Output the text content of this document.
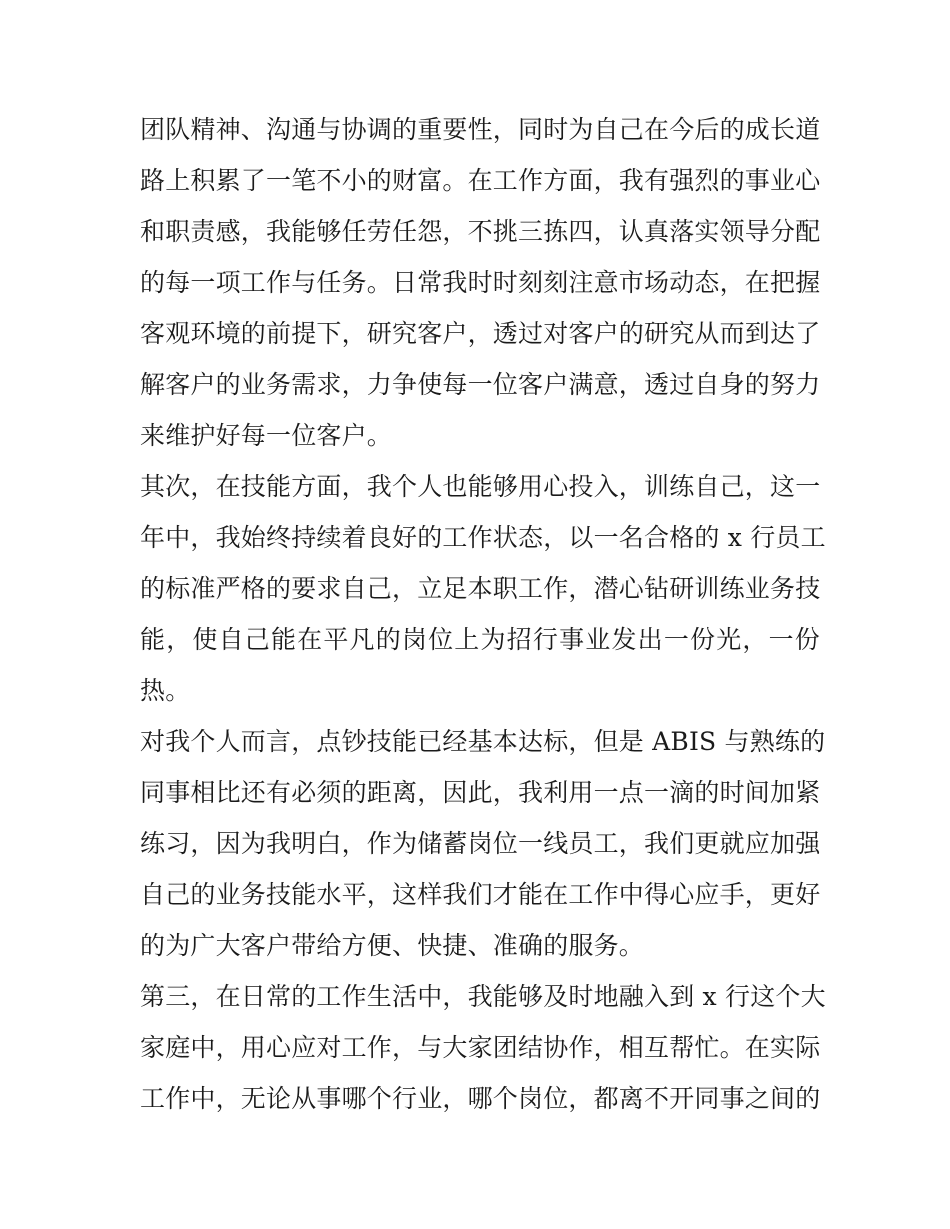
团队精神、沟通与协调的重要性，同时为自己在今后的成长道
路上积累了一笔不小的财富。在工作方面，我有强烈的事业心
和职责感，我能够任劳任怨，不挑三拣四，认真落实领导分配
的每一项工作与任务。日常我时时刻刻注意市场动态，在把握
客观环境的前提下，研究客户，透过对客户的研究从而到达了
解客户的业务需求，力争使每一位客户满意，透过自身的努力
来维护好每一位客户。
其次，在技能方面，我个人也能够用心投入，训练自己，这一
年中，我始终持续着良好的工作状态，以一名合格的 x 行员工
的标准严格的要求自己，立足本职工作，潜心钻研训练业务技
能，使自己能在平凡的岗位上为招行事业发出一份光，一份
热。
对我个人而言，点钞技能已经基本达标，但是 ABIS 与熟练的
同事相比还有必须的距离，因此，我利用一点一滴的时间加紧
练习，因为我明白，作为储蓄岗位一线员工，我们更就应加强
自己的业务技能水平，这样我们才能在工作中得心应手，更好
的为广大客户带给方便、快捷、准确的服务。
第三，在日常的工作生活中，我能够及时地融入到 x 行这个大
家庭中，用心应对工作，与大家团结协作，相互帮忙。在实际
工作中，无论从事哪个行业，哪个岗位，都离不开同事之间的
